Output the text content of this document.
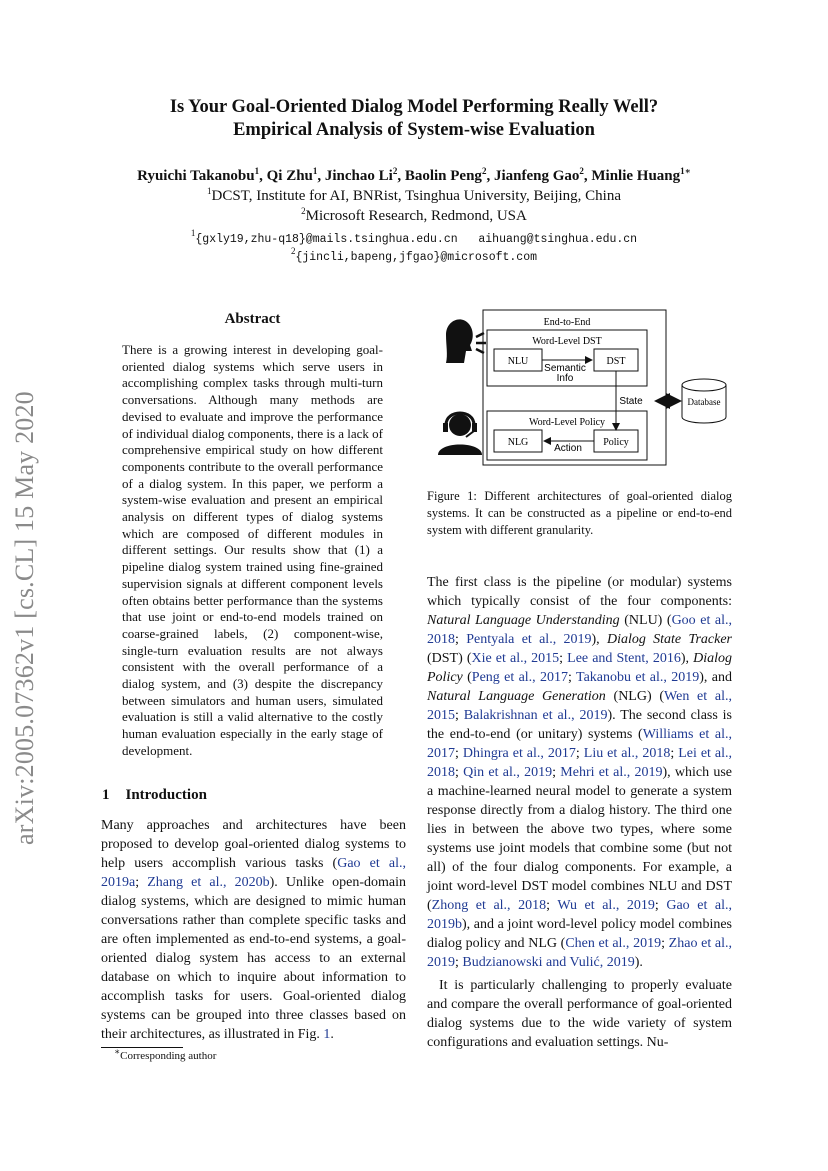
arXiv:2005.07362v1 [cs.CL] 15 May 2020
Is Your Goal-Oriented Dialog Model Performing Really Well?
Empirical Analysis of System-wise Evaluation
Ryuichi Takanobu$^1$, Qi Zhu$^1$, Jinchao Li$^2$, Baolin Peng$^2$, Jianfeng Gao$^2$, Minlie Huang$^{1∗}$
$^1$DCST, Institute for AI, BNRist, Tsinghua University, Beijing, China
$^2$Microsoft Research, Redmond, USA
$^1${gxly19,zhu-q18}@mails.tsinghua.edu.cn aihuang@tsinghua.edu.cn
$^2${jincli,bapeng,jfgao}@microsoft.com
Abstract

There is a growing interest in developing goal-oriented dialog systems which serve users in accomplishing complex tasks through multi-turn conversations. Although many methods are devised to evaluate and improve the performance of individual dialog components, there is a lack of comprehensive empirical study on how different components contribute to the overall performance of a dialog system. In this paper, we perform a system-wise evaluation and present an empirical analysis on different types of dialog systems which are composed of different modules in different settings. Our results show that (1) a pipeline dialog system trained using fine-grained supervision signals at different component levels often obtains better performance than the systems that use joint or end-to-end models trained on coarse-grained labels, (2) component-wise, single-turn evaluation results are not always consistent with the overall performance of a dialog system, and (3) despite the discrepancy between simulators and human users, simulated evaluation is still a valid alternative to the costly human evaluation especially in the early stage of development.

1 Introduction

Many approaches and architectures have been proposed to develop goal-oriented dialog systems to help users accomplish various tasks (Gao et al., 2019a; Zhang et al., 2020b). Unlike open-domain dialog systems, which are designed to mimic human conversations rather than complete specific tasks and are often implemented as end-to-end systems, a goal-oriented dialog system has access to an external database on which to inquire about information to accomplish tasks for users. Goal-oriented dialog systems can be grouped into three classes based on their architectures, as illustrated in Fig. 1.

∗Corresponding author
End-to-End
Word-Level DST
NLU	DST
Semantic
Info
State	Database
Word-Level Policy
NLG	Policy
Action
Figure 1: Different architectures of goal-oriented dialog systems. It can be constructed as a pipeline or end-to-end system with different granularity.

The first class is the pipeline (or modular) systems which typically consist of the four components: Natural Language Understanding (NLU) (Goo et al., 2018; Pentyala et al., 2019), Dialog State Tracker (DST) (Xie et al., 2015; Lee and Stent, 2016), Dialog Policy (Peng et al., 2017; Takanobu et al., 2019), and Natural Language Generation (NLG) (Wen et al., 2015; Balakrishnan et al., 2019). The second class is the end-to-end (or unitary) systems (Williams et al., 2017; Dhingra et al., 2017; Liu et al., 2018; Lei et al., 2018; Qin et al., 2019; Mehri et al., 2019), which use a machine-learned neural model to generate a system response directly from a dialog history. The third one lies in between the above two types, where some systems use joint models that combine some (but not all) of the four dialog components. For example, a joint word-level DST model combines NLU and DST (Zhong et al., 2018; Wu et al., 2019; Gao et al., 2019b), and a joint word-level policy model combines dialog policy and NLG (Chen et al., 2019; Zhao et al., 2019; Budzianowski and Vulić, 2019).

It is particularly challenging to properly evaluate and compare the overall performance of goal-oriented dialog systems due to the wide variety of system configurations and evaluation settings. Nu-
